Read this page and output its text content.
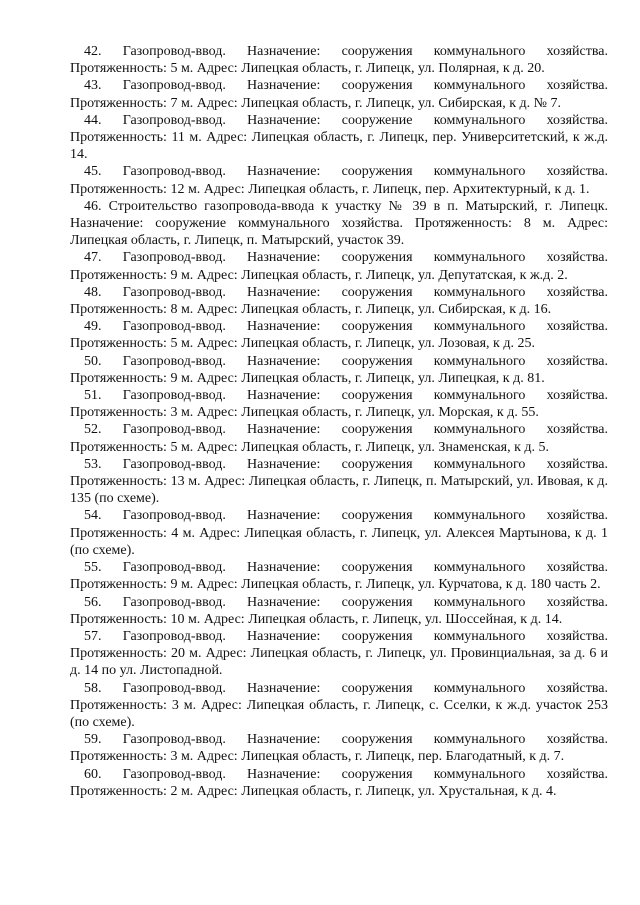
42. Газопровод-ввод. Назначение: сооружения коммунального хозяйства. Протяженность: 5 м. Адрес: Липецкая область, г. Липецк, ул. Полярная, к д. 20.

43. Газопровод-ввод. Назначение: сооружения коммунального хозяйства. Протяженность: 7 м. Адрес: Липецкая область, г. Липецк, ул. Сибирская, к д. № 7.

44. Газопровод-ввод. Назначение: сооружение коммунального хозяйства. Протяженность: 11 м. Адрес: Липецкая область, г. Липецк, пер. Университетский, к ж.д. 14.

45. Газопровод-ввод. Назначение: сооружения коммунального хозяйства. Протяженность: 12 м. Адрес: Липецкая область, г. Липецк, пер. Архитектурный, к д. 1.

46. Строительство газопровода-ввода к участку № 39 в п. Матырский, г. Липецк. Назначение: сооружение коммунального хозяйства. Протяженность: 8 м. Адрес: Липецкая область, г. Липецк, п. Матырский, участок 39.

47. Газопровод-ввод. Назначение: сооружения коммунального хозяйства. Протяженность: 9 м. Адрес: Липецкая область, г. Липецк, ул. Депутатская, к ж.д. 2.

48. Газопровод-ввод. Назначение: сооружения коммунального хозяйства. Протяженность: 8 м. Адрес: Липецкая область, г. Липецк, ул. Сибирская, к д. 16.

49. Газопровод-ввод. Назначение: сооружения коммунального хозяйства. Протяженность: 5 м. Адрес: Липецкая область, г. Липецк, ул. Лозовая, к д. 25.

50. Газопровод-ввод. Назначение: сооружения коммунального хозяйства. Протяженность: 9 м. Адрес: Липецкая область, г. Липецк, ул. Липецкая, к д. 81.

51. Газопровод-ввод. Назначение: сооружения коммунального хозяйства. Протяженность: 3 м. Адрес: Липецкая область, г. Липецк, ул. Морская, к д. 55.

52. Газопровод-ввод. Назначение: сооружения коммунального хозяйства. Протяженность: 5 м. Адрес: Липецкая область, г. Липецк, ул. Знаменская, к д. 5.

53. Газопровод-ввод. Назначение: сооружения коммунального хозяйства. Протяженность: 13 м. Адрес: Липецкая область, г. Липецк, п. Матырский, ул. Ивовая, к д. 135 (по схеме).

54. Газопровод-ввод. Назначение: сооружения коммунального хозяйства. Протяженность: 4 м. Адрес: Липецкая область, г. Липецк, ул. Алексея Мартынова, к д. 1 (по схеме).

55. Газопровод-ввод. Назначение: сооружения коммунального хозяйства. Протяженность: 9 м. Адрес: Липецкая область, г. Липецк, ул. Курчатова, к д. 180 часть 2.

56. Газопровод-ввод. Назначение: сооружения коммунального хозяйства. Протяженность: 10 м. Адрес: Липецкая область, г. Липецк, ул. Шоссейная, к д. 14.

57. Газопровод-ввод. Назначение: сооружения коммунального хозяйства. Протяженность: 20 м. Адрес: Липецкая область, г. Липецк, ул. Провинциальная, за д. 6 и д. 14 по ул. Листопадной.

58. Газопровод-ввод. Назначение: сооружения коммунального хозяйства. Протяженность: 3 м. Адрес: Липецкая область, г. Липецк, с. Сселки, к ж.д. участок 253 (по схеме).

59. Газопровод-ввод. Назначение: сооружения коммунального хозяйства. Протяженность: 3 м. Адрес: Липецкая область, г. Липецк, пер. Благодатный, к д. 7.

60. Газопровод-ввод. Назначение: сооружения коммунального хозяйства. Протяженность: 2 м. Адрес: Липецкая область, г. Липецк, ул. Хрустальная, к д. 4.
